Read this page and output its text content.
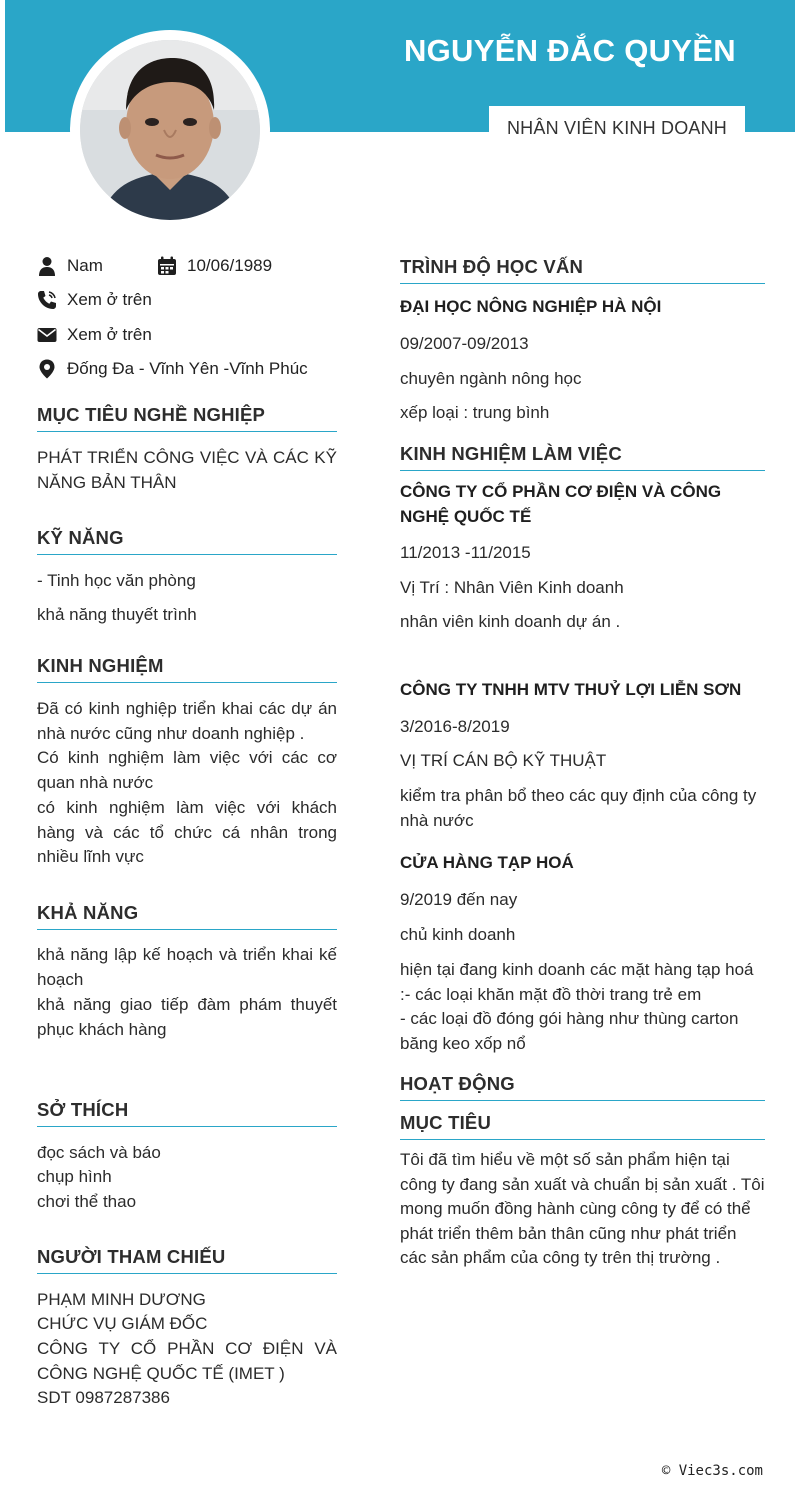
NGUYỄN ĐẮC QUYỀN
NHÂN VIÊN KINH DOANH
Nam	10/06/1989
Xem ở trên
Xem ở trên
Đống Đa - Vĩnh Yên -Vĩnh Phúc
MỤC TIÊU NGHỀ NGHIỆP
PHÁT TRIỂN CÔNG VIỆC VÀ CÁC KỸ NĂNG BẢN THÂN
KỸ NĂNG
- Tinh học văn phòng
khả năng thuyết trình
KINH NGHIỆM
Đã có kinh nghiệp triển khai các dự án nhà nước cũng như doanh nghiệp .
Có kinh nghiệm làm việc với các cơ quan nhà nước
có kinh nghiệm làm việc với khách hàng và các tổ chức cá nhân trong nhiều lĩnh vực
KHẢ NĂNG
khả năng lập kế hoạch và triển khai kế hoạch
khả năng giao tiếp đàm phám thuyết phục khách hàng
SỞ THÍCH
đọc sách và báo
chụp hình
chơi thể thao
NGƯỜI THAM CHIẾU
PHẠM MINH DƯƠNG
CHỨC VỤ GIÁM ĐỐC
CÔNG TY CỔ PHẦN CƠ ĐIỆN VÀ CÔNG NGHỆ QUỐC TẾ (IMET )
SDT 0987287386
TRÌNH ĐỘ HỌC VẤN
ĐẠI HỌC NÔNG NGHIỆP HÀ NỘI
09/2007-09/2013
chuyên ngành nông học
xếp loại : trung bình
KINH NGHIỆM LÀM VIỆC
CÔNG TY CỔ PHẦN CƠ ĐIỆN VÀ CÔNG NGHỆ QUỐC TẾ
11/2013 -11/2015
Vị Trí : Nhân Viên Kinh doanh
nhân viên kinh doanh dự án .
CÔNG TY TNHH MTV THUỶ LỢI LIỄN SƠN
3/2016-8/2019
VỊ TRÍ CÁN BỘ KỸ THUẬT
kiểm tra phân bổ theo các quy định của công ty nhà nước
CỬA HÀNG TẠP HOÁ
9/2019 đến nay
chủ kinh doanh
hiện tại đang kinh doanh các mặt hàng tạp hoá :- các loại khăn mặt đồ thời trang trẻ em
- các loại đồ đóng gói hàng như thùng carton băng keo xốp nổ
HOẠT ĐỘNG
MỤC TIÊU
Tôi đã tìm hiểu về một số sản phẩm hiện tại công ty đang sản xuất và chuẩn bị sản xuất . Tôi mong muốn đồng hành cùng công ty để có thể phát triển thêm bản thân cũng như phát triển các sản phẩm của công ty trên thị trường .
© Viec3s.com
